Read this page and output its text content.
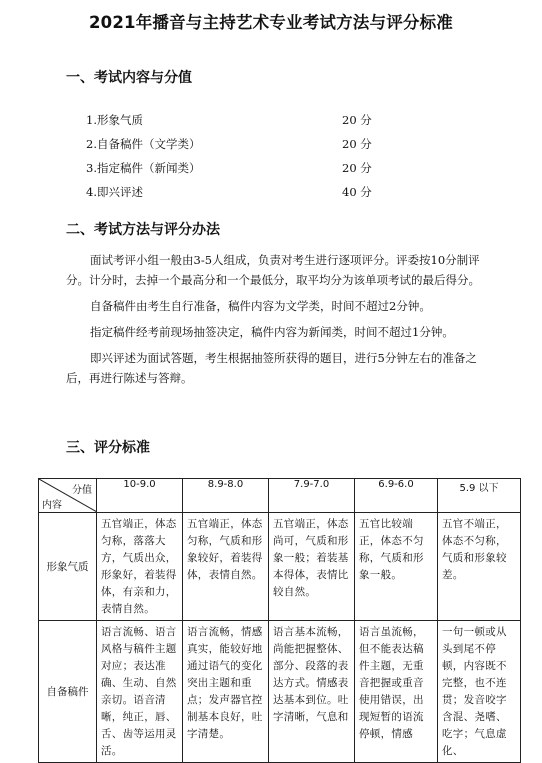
2021年播音与主持艺术专业考试方法与评分标准
一、考试内容与分值
1.形象气质	20 分
2.自备稿件（文学类）	20 分
3.指定稿件（新闻类）	20 分
4.即兴评述	40 分
二、考试方法与评分办法

面试考评小组一般由3-5人组成，负责对考生进行逐项评分。评委按10分制评分。计分时，去掉一个最高分和一个最低分，取平均分为该单项考试的最后得分。

自备稿件由考生自行准备，稿件内容为文学类，时间不超过2分钟。

指定稿件经考前现场抽签决定，稿件内容为新闻类，时间不超过1分钟。

即兴评述为面试答题，考生根据抽签所获得的题目，进行5分钟左右的准备之后，再进行陈述与答辩。

三、评分标准
分值
内容	10-9.0	8.9-8.0	7.9-7.0	6.9-6.0	5.9 以下
形象气质	五官端正，体态匀称，落落大方，气质出众，形象好，着装得体，有亲和力，表情自然。	五官端正，体态匀称，气质和形象较好，着装得体，表情自然。	五官端正，体态尚可，气质和形象一般；着装基本得体，表情比较自然。	五官比较端正，体态不匀称，气质和形象一般。	五官不端正，体态不匀称，气质和形象较差。
自备稿件	语言流畅、语言风格与稿件主题对应；表达准确、生动、自然亲切。语音清晰，纯正，唇、舌、齿等运用灵活。	语言流畅，情感真实，能较好地通过语气的变化突出主题和重点；发声器官控制基本良好，吐字清楚。	语言基本流畅，尚能把握整体、部分、段落的表达方式。情感表达基本到位。吐字清晰，气息和	语言虽流畅，但不能表达稿件主题，无重音把握或重音使用错误，出现短暂的语流停顿，情感	一句一顿或从头到尾不停顿，内容既不完整，也不连贯；发音咬字含混、尧嗜、吃字；气息虚化、
